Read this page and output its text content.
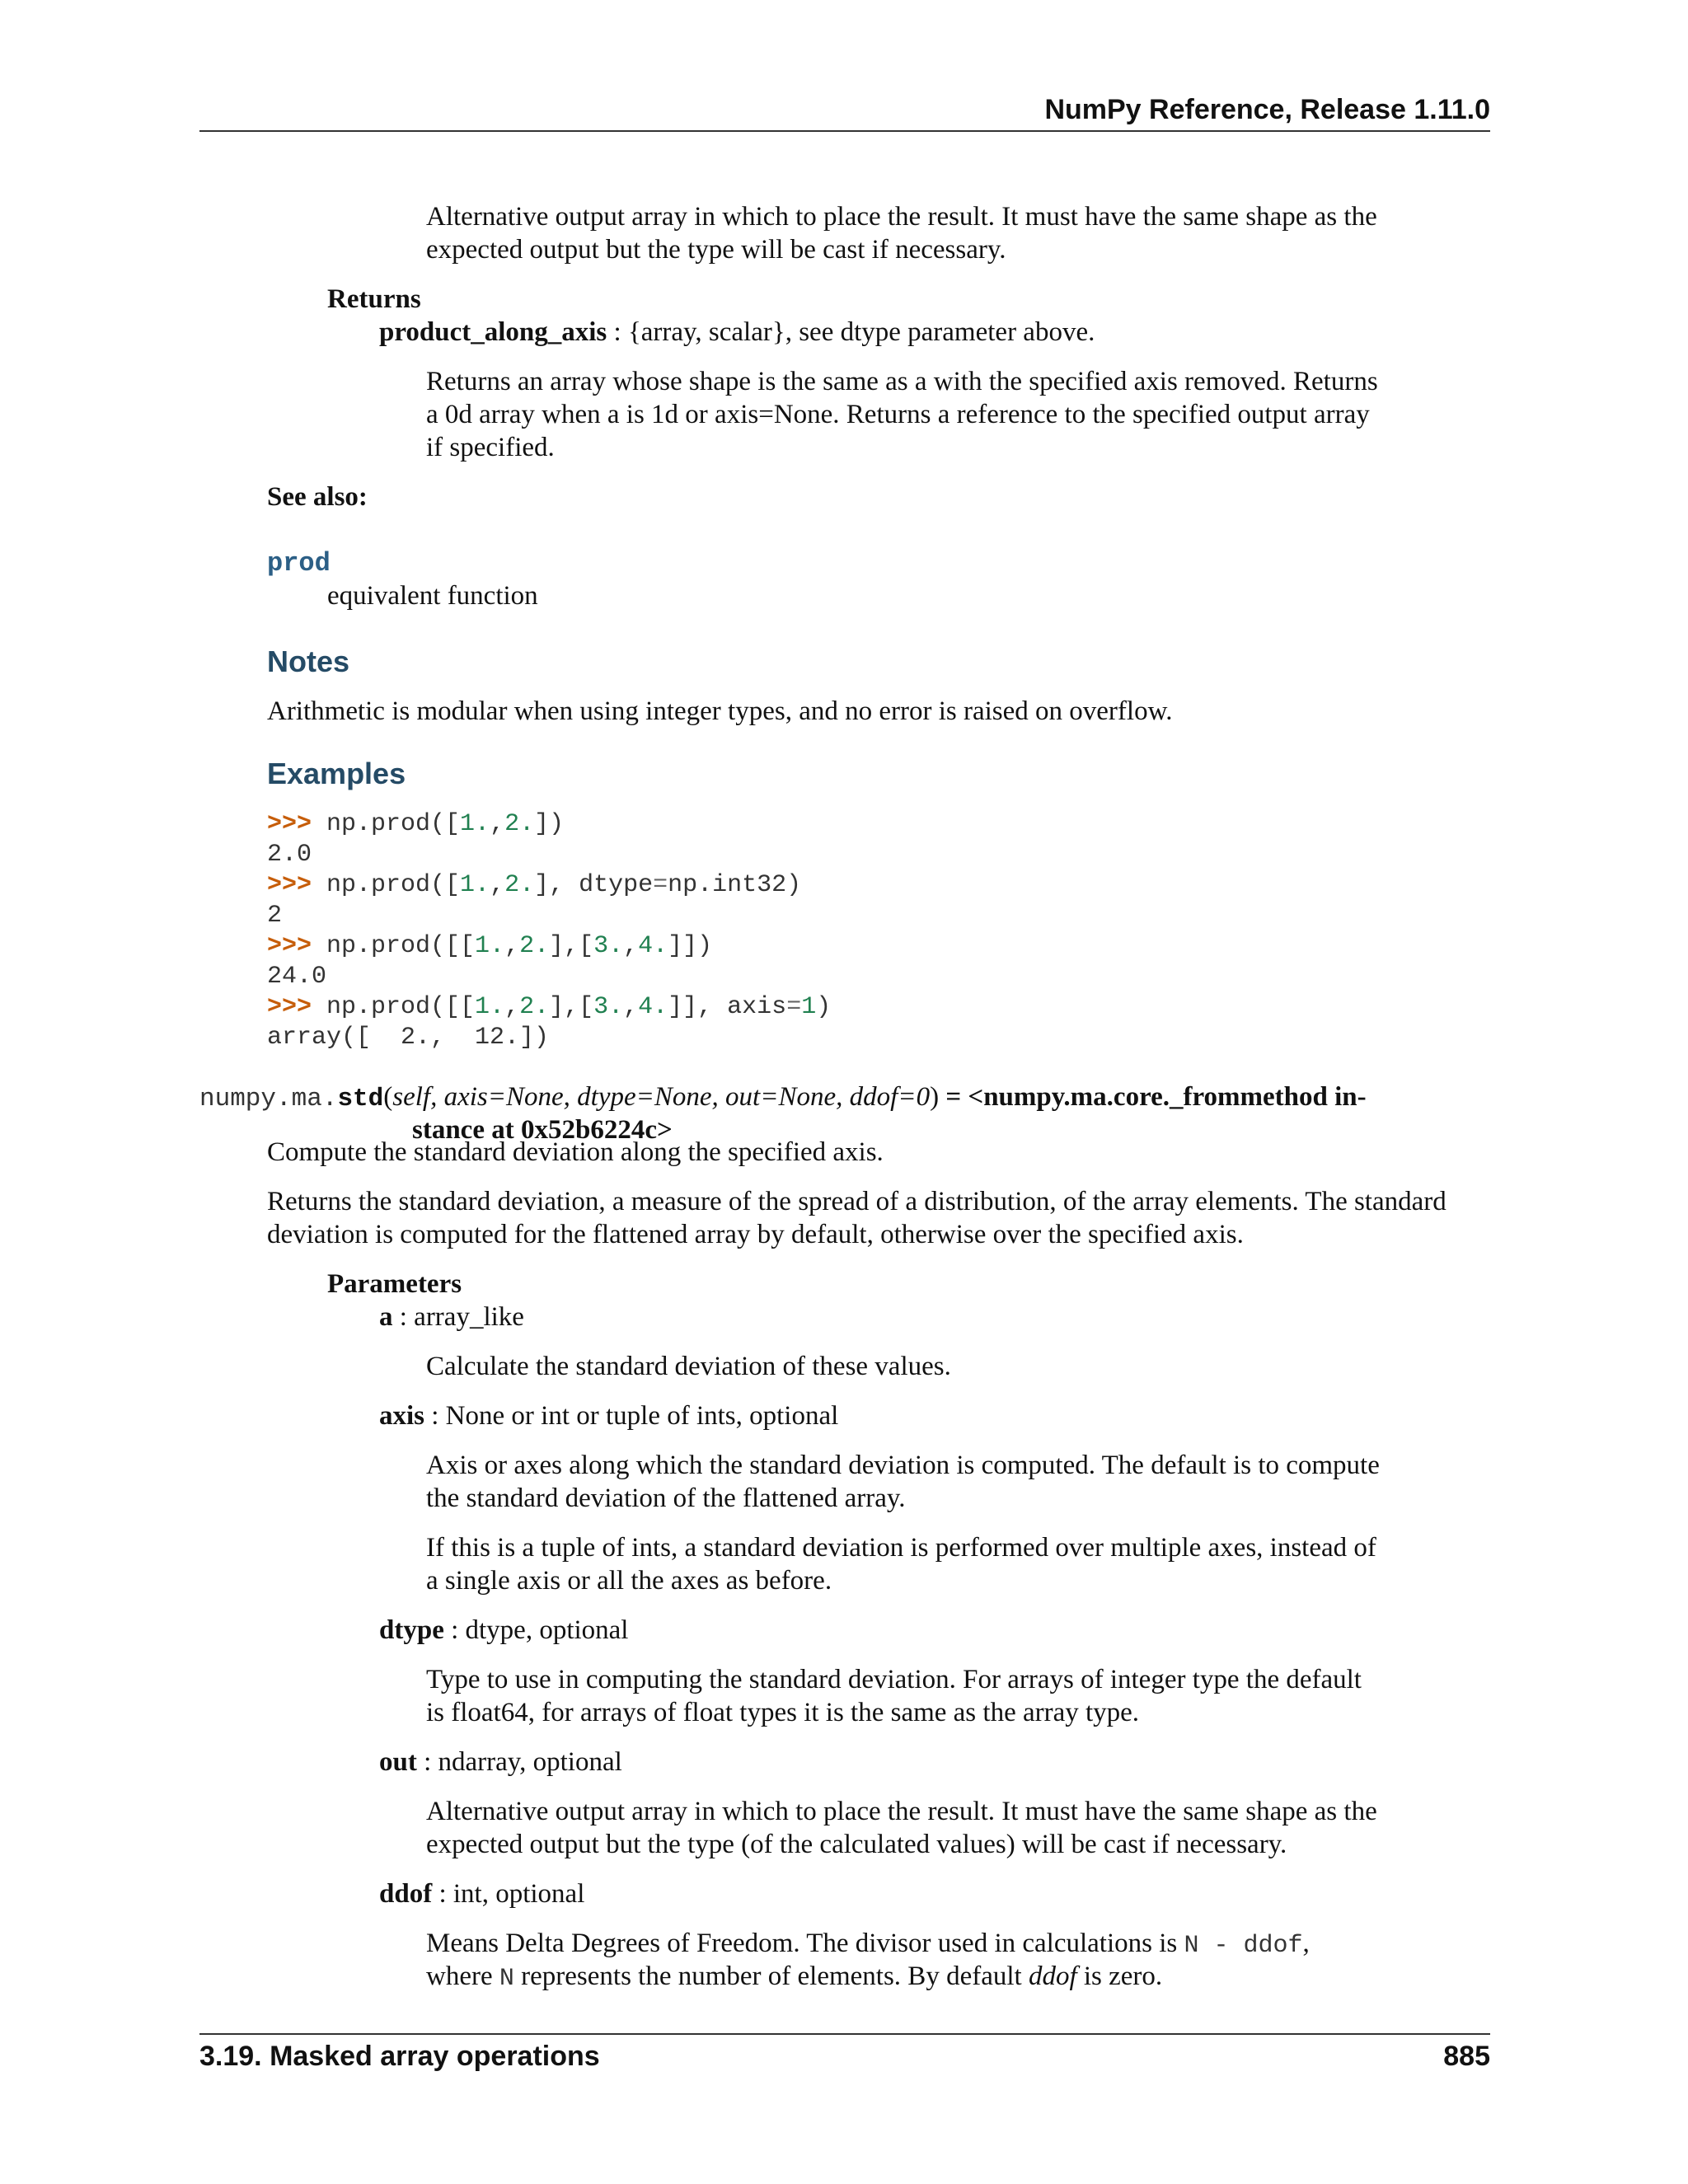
NumPy Reference, Release 1.11.0
Alternative output array in which to place the result. It must have the same shape as the
expected output but the type will be cast if necessary.
Returns
product_along_axis : {array, scalar}, see dtype parameter above.
Returns an array whose shape is the same as a with the specified axis removed. Returns
a 0d array when a is 1d or axis=None. Returns a reference to the specified output array
if specified.
See also:
prod
equivalent function
Notes
Arithmetic is modular when using integer types, and no error is raised on overflow.
Examples
>>> np.prod([1.,2.])
2.0
>>> np.prod([1.,2.], dtype=np.int32)
2
>>> np.prod([[1.,2.],[3.,4.]])
24.0
>>> np.prod([[1.,2.],[3.,4.]], axis=1)
array([  2.,  12.])
numpy.ma.std(self, axis=None, dtype=None, out=None, ddof=0) = <numpy.ma.core._frommethod in-
stance at 0x52b6224c>
Compute the standard deviation along the specified axis.
Returns the standard deviation, a measure of the spread of a distribution, of the array elements. The standard
deviation is computed for the flattened array by default, otherwise over the specified axis.
Parameters
a : array_like
Calculate the standard deviation of these values.
axis : None or int or tuple of ints, optional
Axis or axes along which the standard deviation is computed. The default is to compute
the standard deviation of the flattened array.
If this is a tuple of ints, a standard deviation is performed over multiple axes, instead of
a single axis or all the axes as before.
dtype : dtype, optional
Type to use in computing the standard deviation. For arrays of integer type the default
is float64, for arrays of float types it is the same as the array type.
out : ndarray, optional
Alternative output array in which to place the result. It must have the same shape as the
expected output but the type (of the calculated values) will be cast if necessary.
ddof : int, optional
Means Delta Degrees of Freedom. The divisor used in calculations is N - ddof,
where N represents the number of elements. By default ddof is zero.
3.19. Masked array operations	885
